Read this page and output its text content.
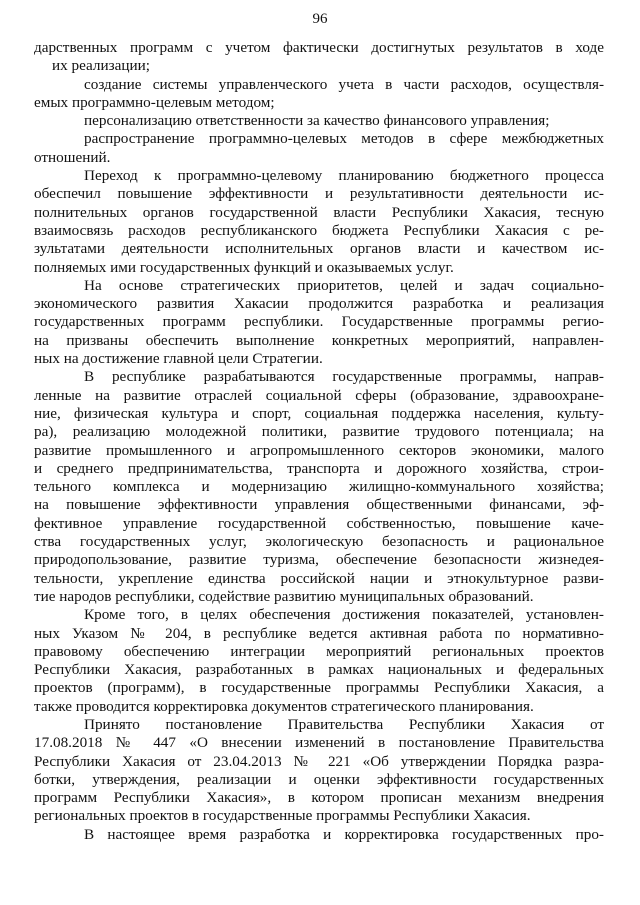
96
дарственных программ с учетом фактически достигнутых результатов в ходе
их реализации;
создание системы управленческого учета в части расходов, осуществля-
емых программно-целевым методом;
персонализацию ответственности за качество финансового управления;
распространение программно-целевых методов в сфере межбюджетных
отношений.
Переход к программно-целевому планированию бюджетного процесса
обеспечил повышение эффективности и результативности деятельности ис-
полнительных органов государственной власти Республики Хакасия, тесную
взаимосвязь расходов республиканского бюджета Республики Хакасия с ре-
зультатами деятельности исполнительных органов власти и качеством ис-
полняемых ими государственных функций и оказываемых услуг.
На основе стратегических приоритетов, целей и задач социально-
экономического развития Хакасии продолжится разработка и реализация
государственных программ республики. Государственные программы регио-
на призваны обеспечить выполнение конкретных мероприятий, направлен-
ных на достижение главной цели Стратегии.
В республике разрабатываются государственные программы, направ-
ленные на развитие отраслей социальной сферы (образование, здравоохране-
ние, физическая культура и спорт, социальная поддержка населения, культу-
ра), реализацию молодежной политики, развитие трудового потенциала; на
развитие промышленного и агропромышленного секторов экономики, малого
и среднего предпринимательства, транспорта и дорожного хозяйства, строи-
тельного комплекса и модернизацию жилищно-коммунального хозяйства;
на повышение эффективности управления общественными финансами, эф-
фективное управление государственной собственностью, повышение каче-
ства государственных услуг, экологическую безопасность и рациональное
природопользование, развитие туризма, обеспечение безопасности жизнедея-
тельности, укрепление единства российской нации и этнокультурное разви-
тие народов республики, содействие развитию муниципальных образований.
Кроме того, в целях обеспечения достижения показателей, установлен-
ных Указом № 204, в республике ведется активная работа по нормативно-
правовому обеспечению интеграции мероприятий региональных проектов
Республики Хакасия, разработанных в рамках национальных и федеральных
проектов (программ), в государственные программы Республики Хакасия, а
также проводится корректировка документов стратегического планирования.
Принято постановление Правительства Республики Хакасия от
17.08.2018 № 447 «О внесении изменений в постановление Правительства
Республики Хакасия от 23.04.2013 № 221 «Об утверждении Порядка разра-
ботки, утверждения, реализации и оценки эффективности государственных
программ Республики Хакасия», в котором прописан механизм внедрения
региональных проектов в государственные программы Республики Хакасия.
В настоящее время разработка и корректировка государственных про-
